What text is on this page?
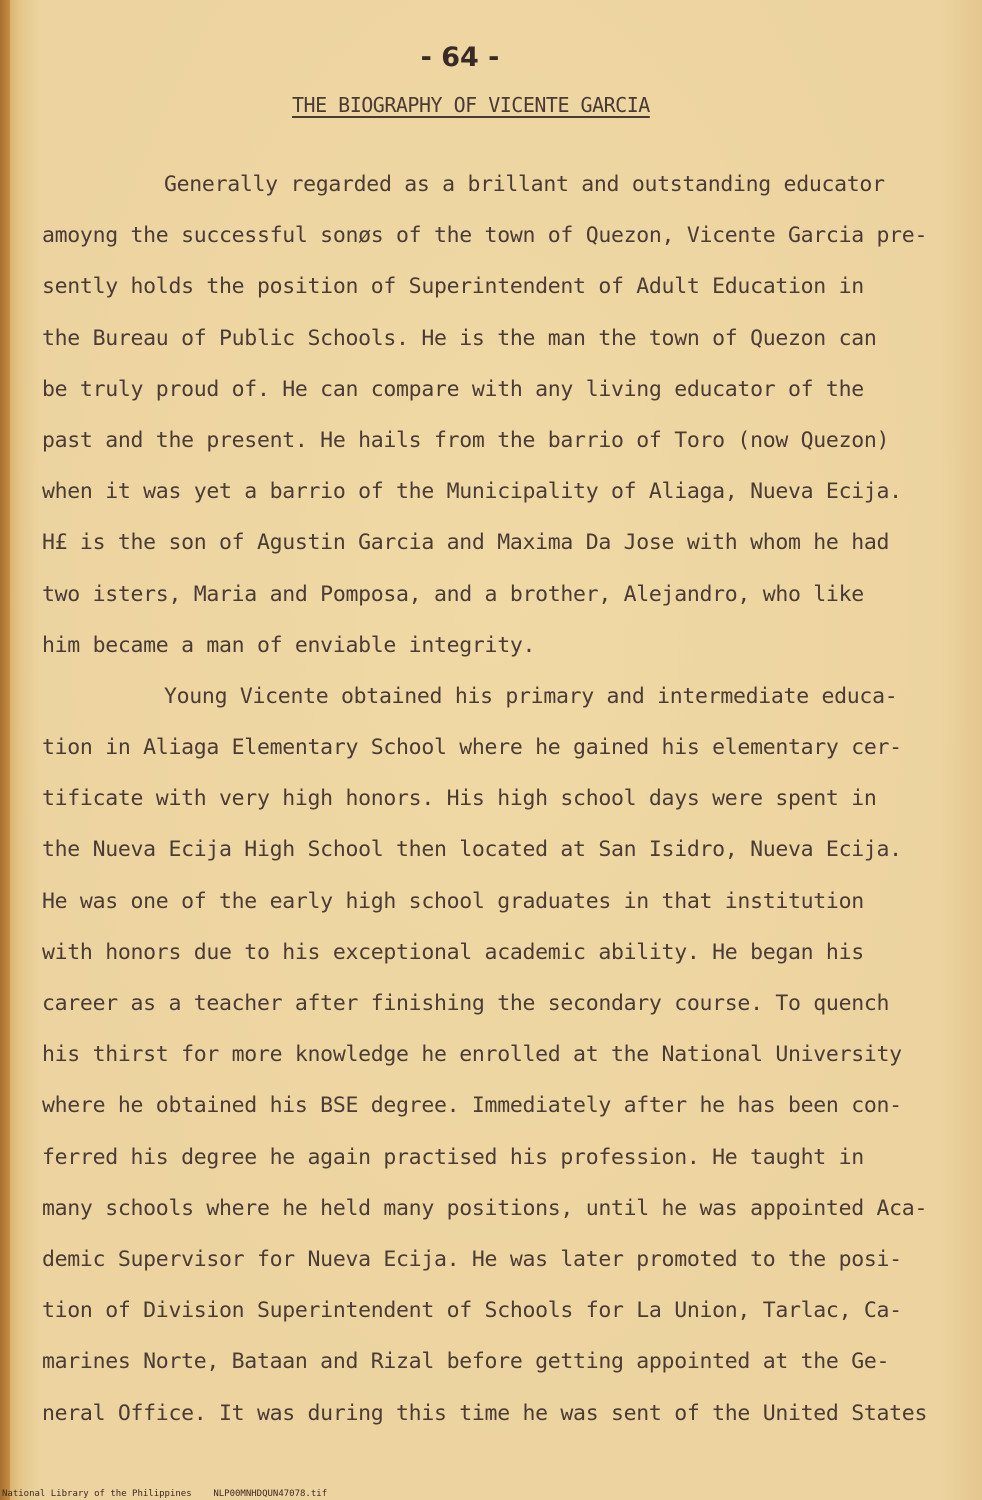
- 64 -
THE BIOGRAPHY OF VICENTE GARCIA
Generally regarded as a brillant and outstanding educator
amoyng the successful sonøs of the town of Quezon, Vicente Garcia pre-
sently holds the position of Superintendent of Adult Education in
the Bureau of Public Schools. He is the man the town of Quezon can
be truly proud of. He can compare with any living educator of the
past and the present. He hails from the barrio of Toro (now Quezon)
when it was yet a barrio of the Municipality of Aliaga, Nueva Ecija.
H£ is the son of Agustin Garcia and Maxima Da Jose with whom he had
two isters, Maria and Pomposa, and a brother, Alejandro, who like
him became a man of enviable integrity.
Young Vicente obtained his primary and intermediate educa-
tion in Aliaga Elementary School where he gained his elementary cer-
tificate with very high honors. His high school days were spent in
the Nueva Ecija High School then located at San Isidro, Nueva Ecija.
He was one of the early high school graduates in that institution
with honors due to his exceptional academic ability. He began his
career as a teacher after finishing the secondary course. To quench
his thirst for more knowledge he enrolled at the National University
where he obtained his BSE degree. Immediately after he has been con-
ferred his degree he again practised his profession. He taught in
many schools where he held many positions, until he was appointed Aca-
demic Supervisor for Nueva Ecija. He was later promoted to the posi-
tion of Division Superintendent of Schools for La Union, Tarlac, Ca-
marines Norte, Bataan and Rizal before getting appointed at the Ge-
neral Office. It was during this time he was sent of the United States
National Library of the Philippines    NLP00MNHDQUN47078.tif
